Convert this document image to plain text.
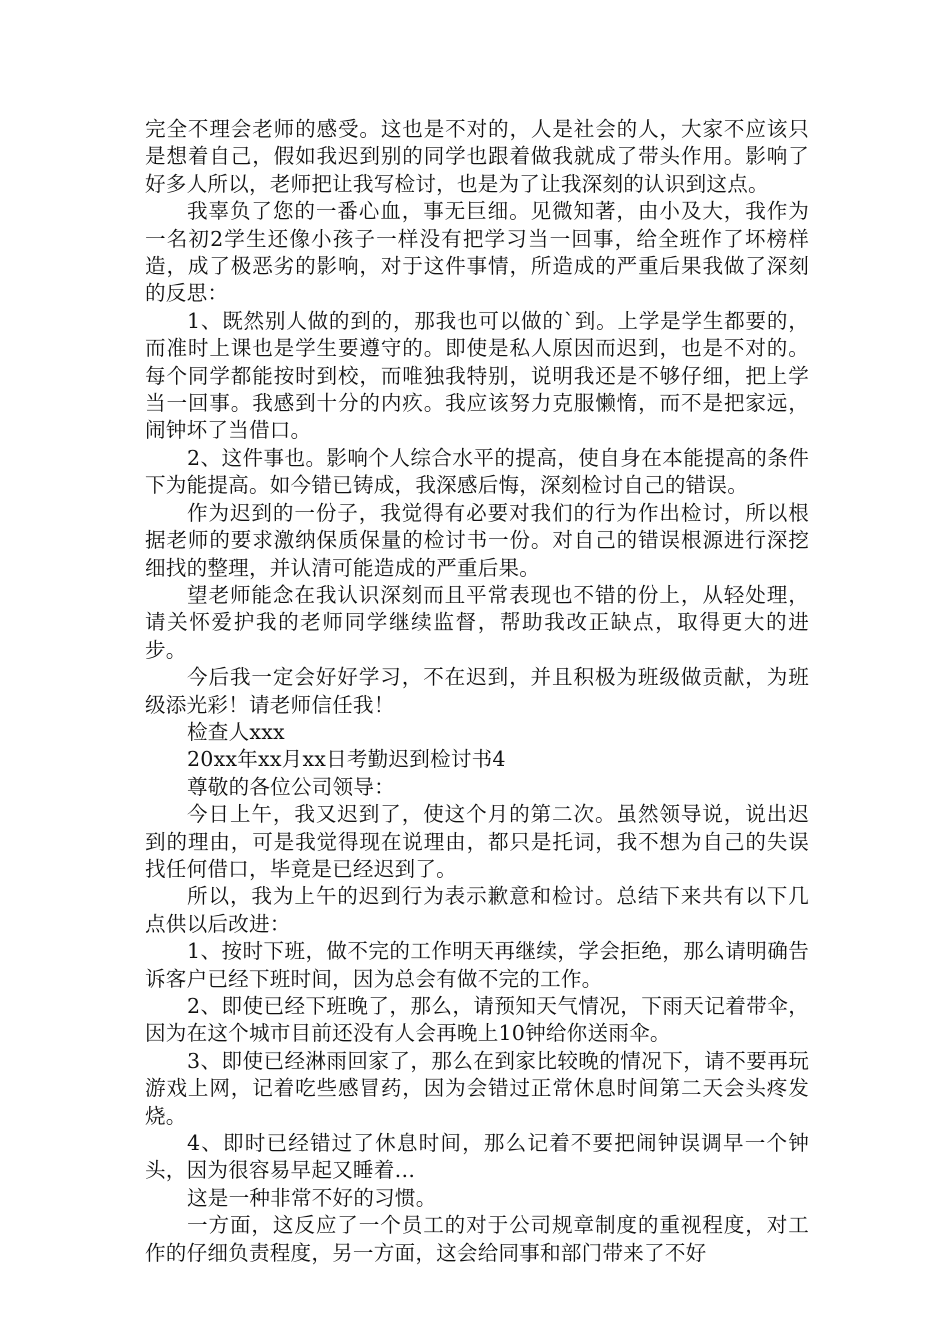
完全不理会老师的感受。这也是不对的，人是社会的人，大家不应该只是想着自己，假如我迟到别的同学也跟着做我就成了带头作用。影响了好多人所以，老师把让我写检讨，也是为了让我深刻的认识到这点。

我辜负了您的一番心血，事无巨细。见微知著，由小及大，我作为一名初2学生还像小孩子一样没有把学习当一回事，给全班作了坏榜样造，成了极恶劣的影响，对于这件事情，所造成的严重后果我做了深刻的反思：

1、既然别人做的到的，那我也可以做的`到。上学是学生都要的，而准时上课也是学生要遵守的。即使是私人原因而迟到，也是不对的。每个同学都能按时到校，而唯独我特别，说明我还是不够仔细，把上学当一回事。我感到十分的内疚。我应该努力克服懒惰，而不是把家远，闹钟坏了当借口。

2、这件事也。影响个人综合水平的提高，使自身在本能提高的条件下为能提高。如今错已铸成，我深感后悔，深刻检讨自己的错误。

作为迟到的一份子，我觉得有必要对我们的行为作出检讨，所以根据老师的要求激纳保质保量的检讨书一份。对自己的错误根源进行深挖细找的整理，并认清可能造成的严重后果。

望老师能念在我认识深刻而且平常表现也不错的份上，从轻处理，请关怀爱护我的老师同学继续监督，帮助我改正缺点，取得更大的进步。

今后我一定会好好学习，不在迟到，并且积极为班级做贡献，为班级添光彩！请老师信任我！

检查人xxx

20xx年xx月xx日考勤迟到检讨书4

尊敬的各位公司领导：

今日上午，我又迟到了，使这个月的第二次。虽然领导说，说出迟到的理由，可是我觉得现在说理由，都只是托词，我不想为自己的失误找任何借口，毕竟是已经迟到了。

所以，我为上午的迟到行为表示歉意和检讨。总结下来共有以下几点供以后改进：

1、按时下班，做不完的工作明天再继续，学会拒绝，那么请明确告诉客户已经下班时间，因为总会有做不完的工作。

2、即使已经下班晚了，那么，请预知天气情况，下雨天记着带伞，因为在这个城市目前还没有人会再晚上10钟给你送雨伞。

3、即使已经淋雨回家了，那么在到家比较晚的情况下，请不要再玩游戏上网，记着吃些感冒药，因为会错过正常休息时间第二天会头疼发烧。

4、即时已经错过了休息时间，那么记着不要把闹钟误调早一个钟头，因为很容易早起又睡着…

这是一种非常不好的习惯。

一方面，这反应了一个员工的对于公司规章制度的重视程度，对工作的仔细负责程度，另一方面，这会给同事和部门带来了不好
